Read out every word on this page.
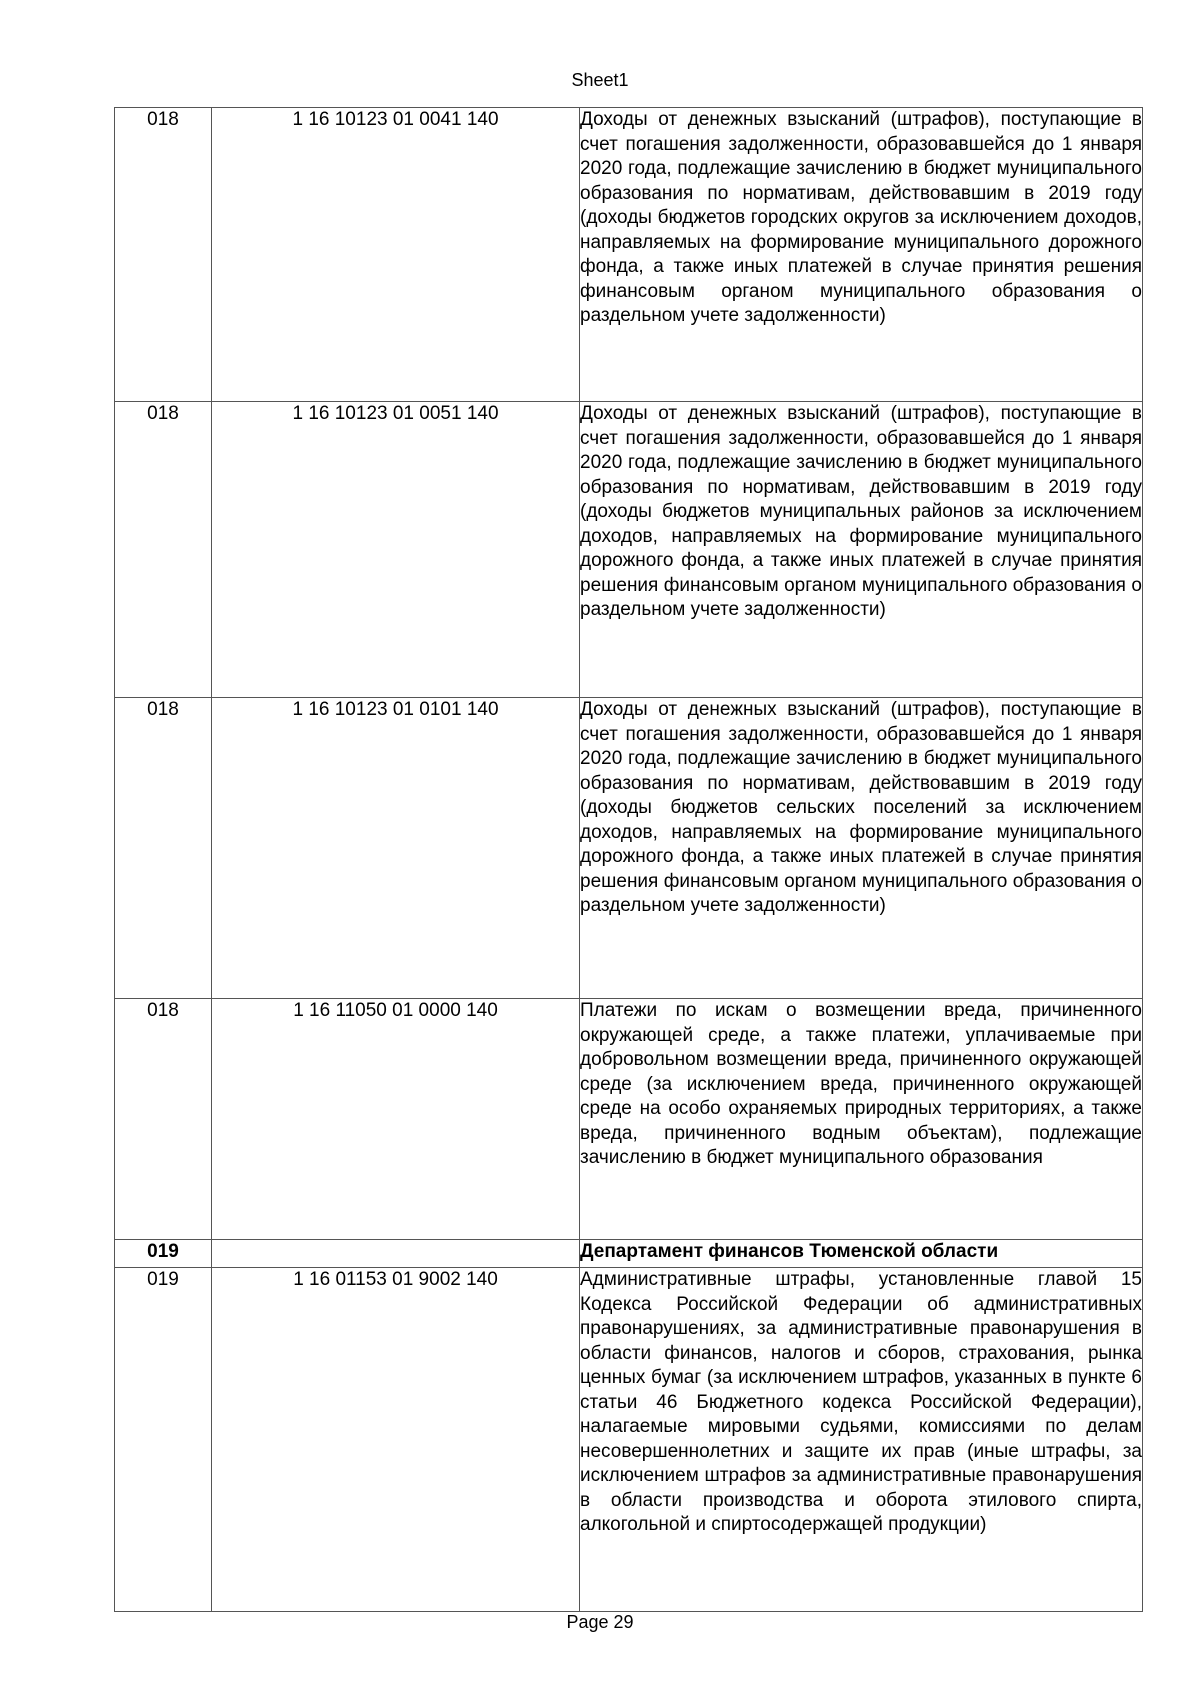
Sheet1
018	1 16 10123 01 0041 140	Доходы от денежных взысканий (штрафов), поступающие в счет погашения задолженности, образовавшейся до 1 января 2020 года, подлежащие зачислению в бюджет муниципального образования по нормативам, действовавшим в 2019 году (доходы бюджетов городских округов за исключением доходов, направляемых на формирование муниципального дорожного фонда, а также иных платежей в случае принятия решения финансовым органом муниципального образования о раздельном учете задолженности)

018	1 16 10123 01 0051 140	Доходы от денежных взысканий (штрафов), поступающие в счет погашения задолженности, образовавшейся до 1 января 2020 года, подлежащие зачислению в бюджет муниципального образования по нормативам, действовавшим в 2019 году (доходы бюджетов муниципальных районов за исключением доходов, направляемых на формирование муниципального дорожного фонда, а также иных платежей в случае принятия решения финансовым органом муниципального образования о раздельном учете задолженности)

018	1 16 10123 01 0101 140	Доходы от денежных взысканий (штрафов), поступающие в счет погашения задолженности, образовавшейся до 1 января 2020 года, подлежащие зачислению в бюджет муниципального образования по нормативам, действовавшим в 2019 году (доходы бюджетов сельских поселений за исключением доходов, направляемых на формирование муниципального дорожного фонда, а также иных платежей в случае принятия решения финансовым органом муниципального образования о раздельном учете задолженности)

018	1 16 11050 01 0000 140	Платежи по искам о возмещении вреда, причиненного окружающей среде, а также платежи, уплачиваемые при добровольном возмещении вреда, причиненного окружающей среде (за исключением вреда, причиненного окружающей среде на особо охраняемых природных территориях, а также вреда, причиненного водным объектам), подлежащие зачислению в бюджет муниципального образования

019		Департамент финансов Тюменской области

019	1 16 01153 01 9002 140	Административные штрафы, установленные главой 15 Кодекса Российской Федерации об административных правонарушениях, за административные правонарушения в области финансов, налогов и сборов, страхования, рынка ценных бумаг (за исключением штрафов, указанных в пункте 6 статьи 46 Бюджетного кодекса Российской Федерации), налагаемые мировыми судьями, комиссиями по делам несовершеннолетних и защите их прав (иные штрафы, за исключением штрафов за административные правонарушения в области производства и оборота этилового спирта, алкогольной и спиртосодержащей продукции)
Page 29
